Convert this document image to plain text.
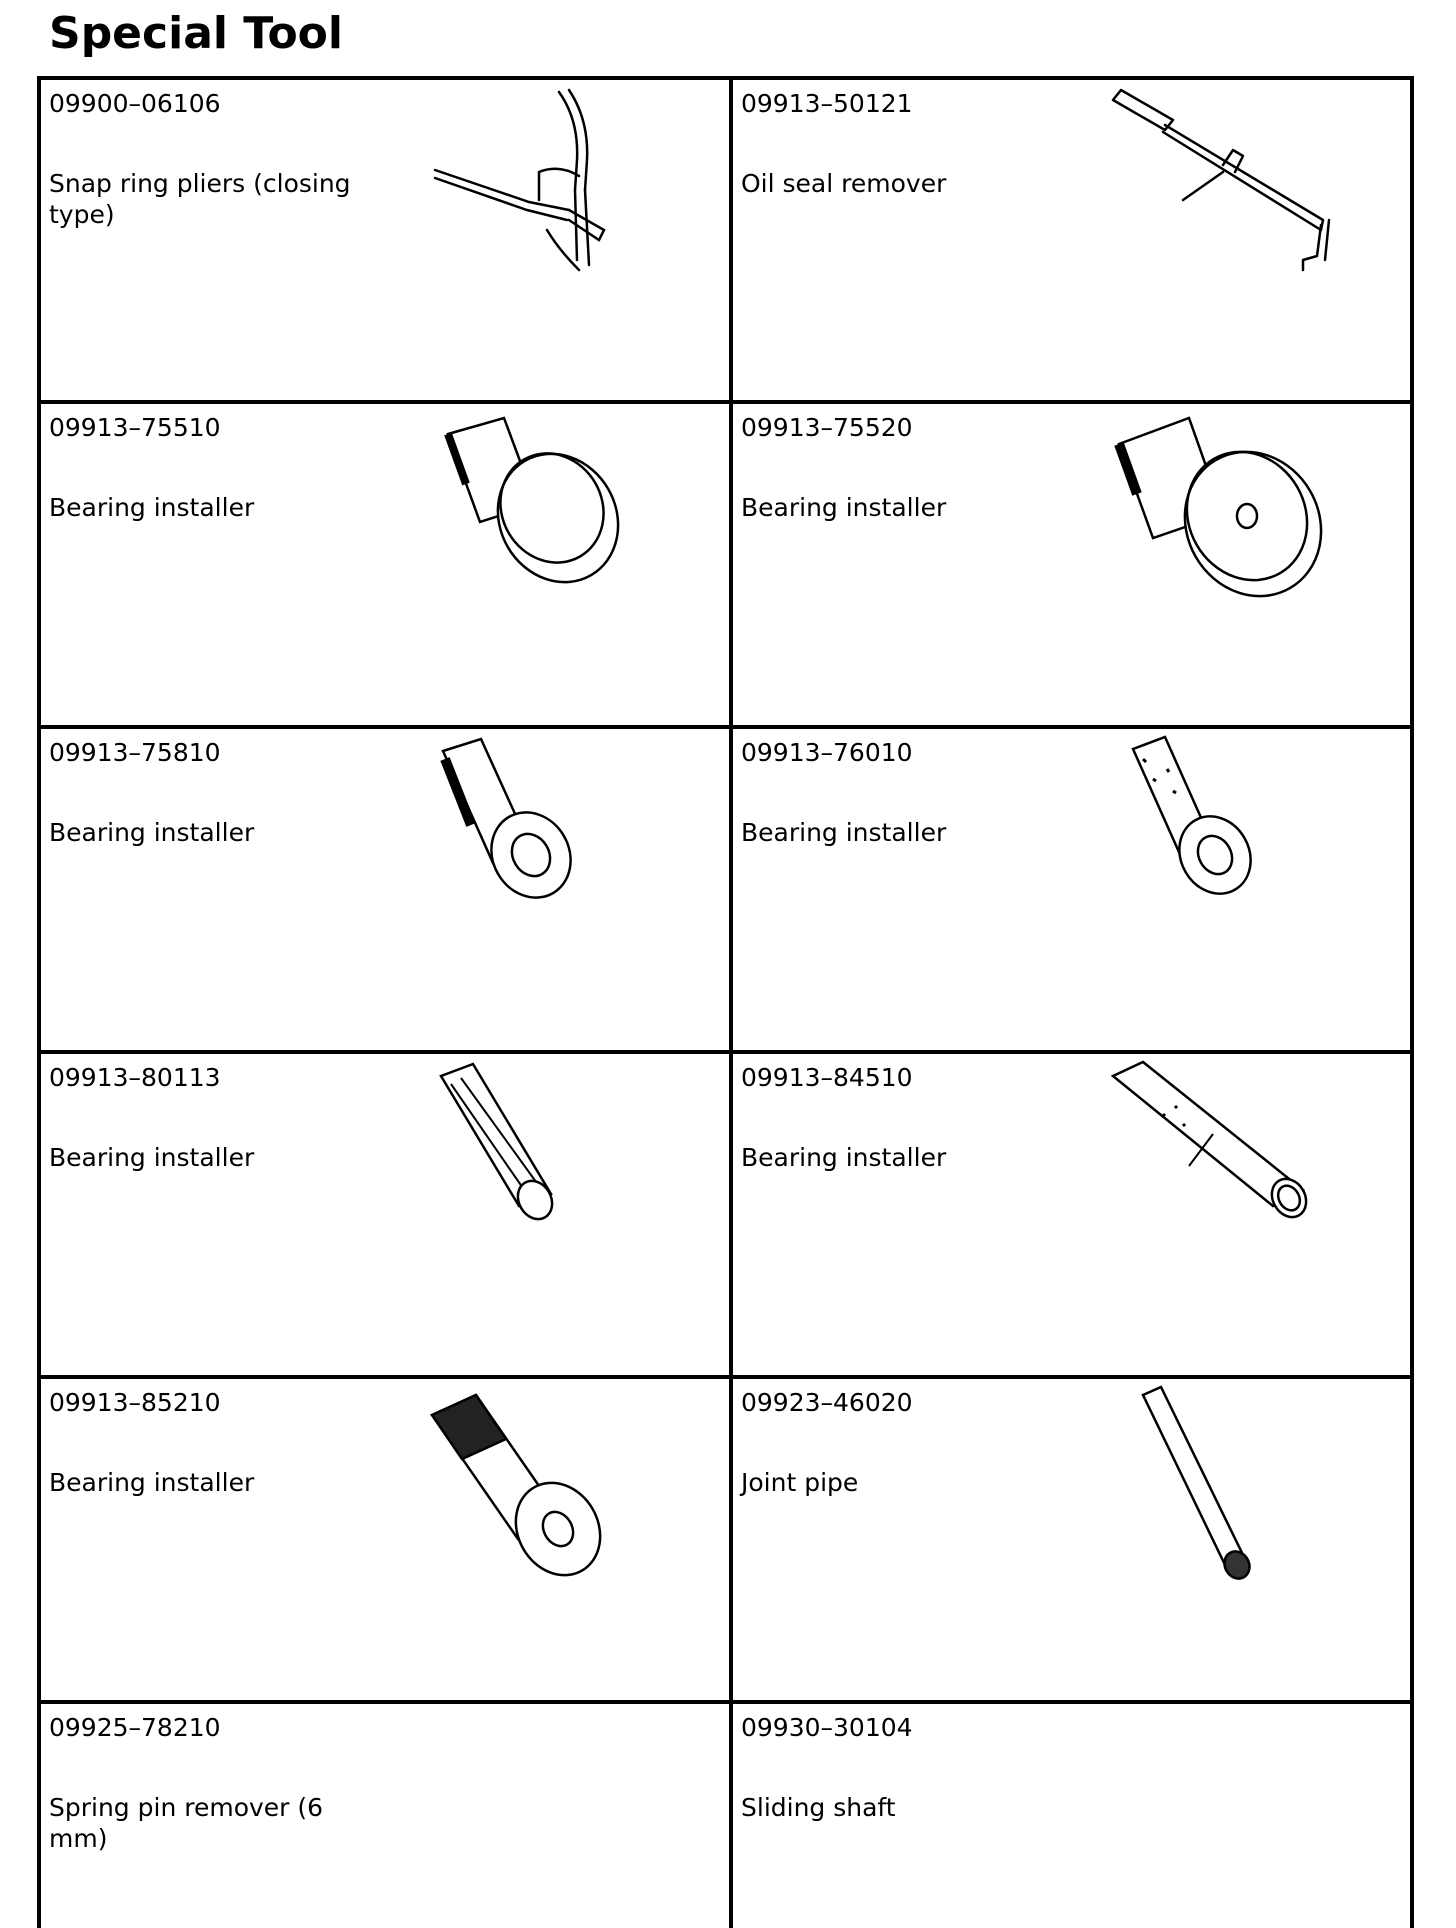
Special Tool
09900–06106
Snap ring pliers (closing type)
09913–50121
Oil seal remover
09913–75510
Bearing installer
09913–75520
Bearing installer
09913–75810
Bearing installer
09913–76010
Bearing installer
09913–80113
Bearing installer
09913–84510
Bearing installer
09913–85210
Bearing installer
09923–46020
Joint pipe
09925–78210
Spring pin remover (6 mm)
09930–30104
Sliding shaft
